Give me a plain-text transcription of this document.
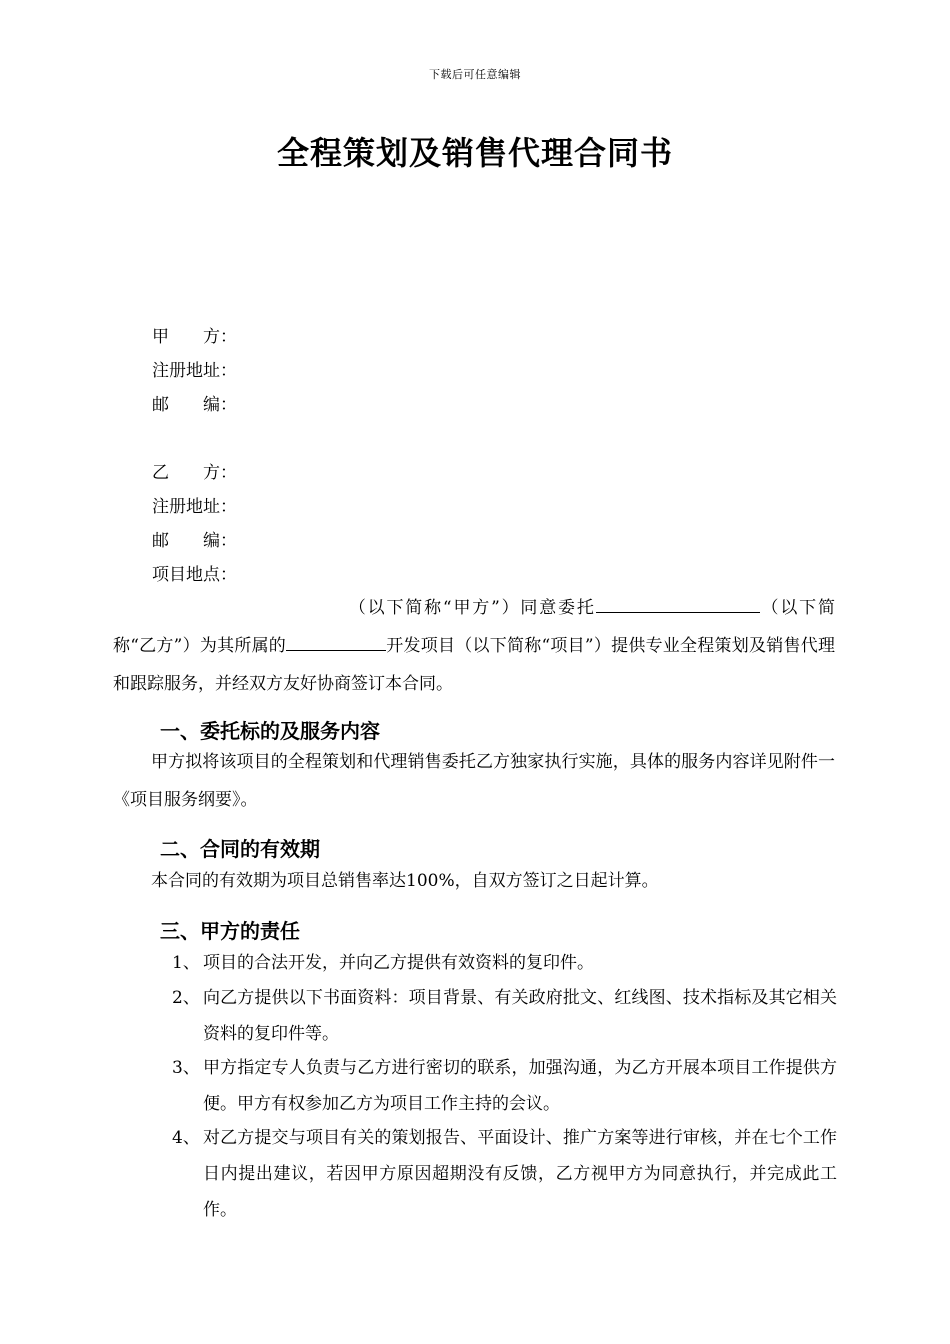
下载后可任意编辑
全程策划及销售代理合同书
甲　　方：
注册地址：
邮　　编：
乙　　方：
注册地址：
邮　　编：
项目地点：
（以下简称“甲方”）同意委托	（以下简称“乙方”）为其所属的	开发项目（以下简称“项目”）提供专业全程策划及销售代理和跟踪服务，并经双方友好协商签订本合同。
一、委托标的及服务内容
甲方拟将该项目的全程策划和代理销售委托乙方独家执行实施，具体的服务内容详见附件一《项目服务纲要》。
二、合同的有效期
本合同的有效期为项目总销售率达100%，自双方签订之日起计算。
三、甲方的责任
1、 项目的合法开发，并向乙方提供有效资料的复印件。
2、 向乙方提供以下书面资料：项目背景、有关政府批文、红线图、技术指标及其它相关资料的复印件等。
3、 甲方指定专人负责与乙方进行密切的联系，加强沟通，为乙方开展本项目工作提供方便。甲方有权参加乙方为项目工作主持的会议。
4、 对乙方提交与项目有关的策划报告、平面设计、推广方案等进行审核，并在七个工作日内提出建议，若因甲方原因超期没有反馈，乙方视甲方为同意执行，并完成此工作。
